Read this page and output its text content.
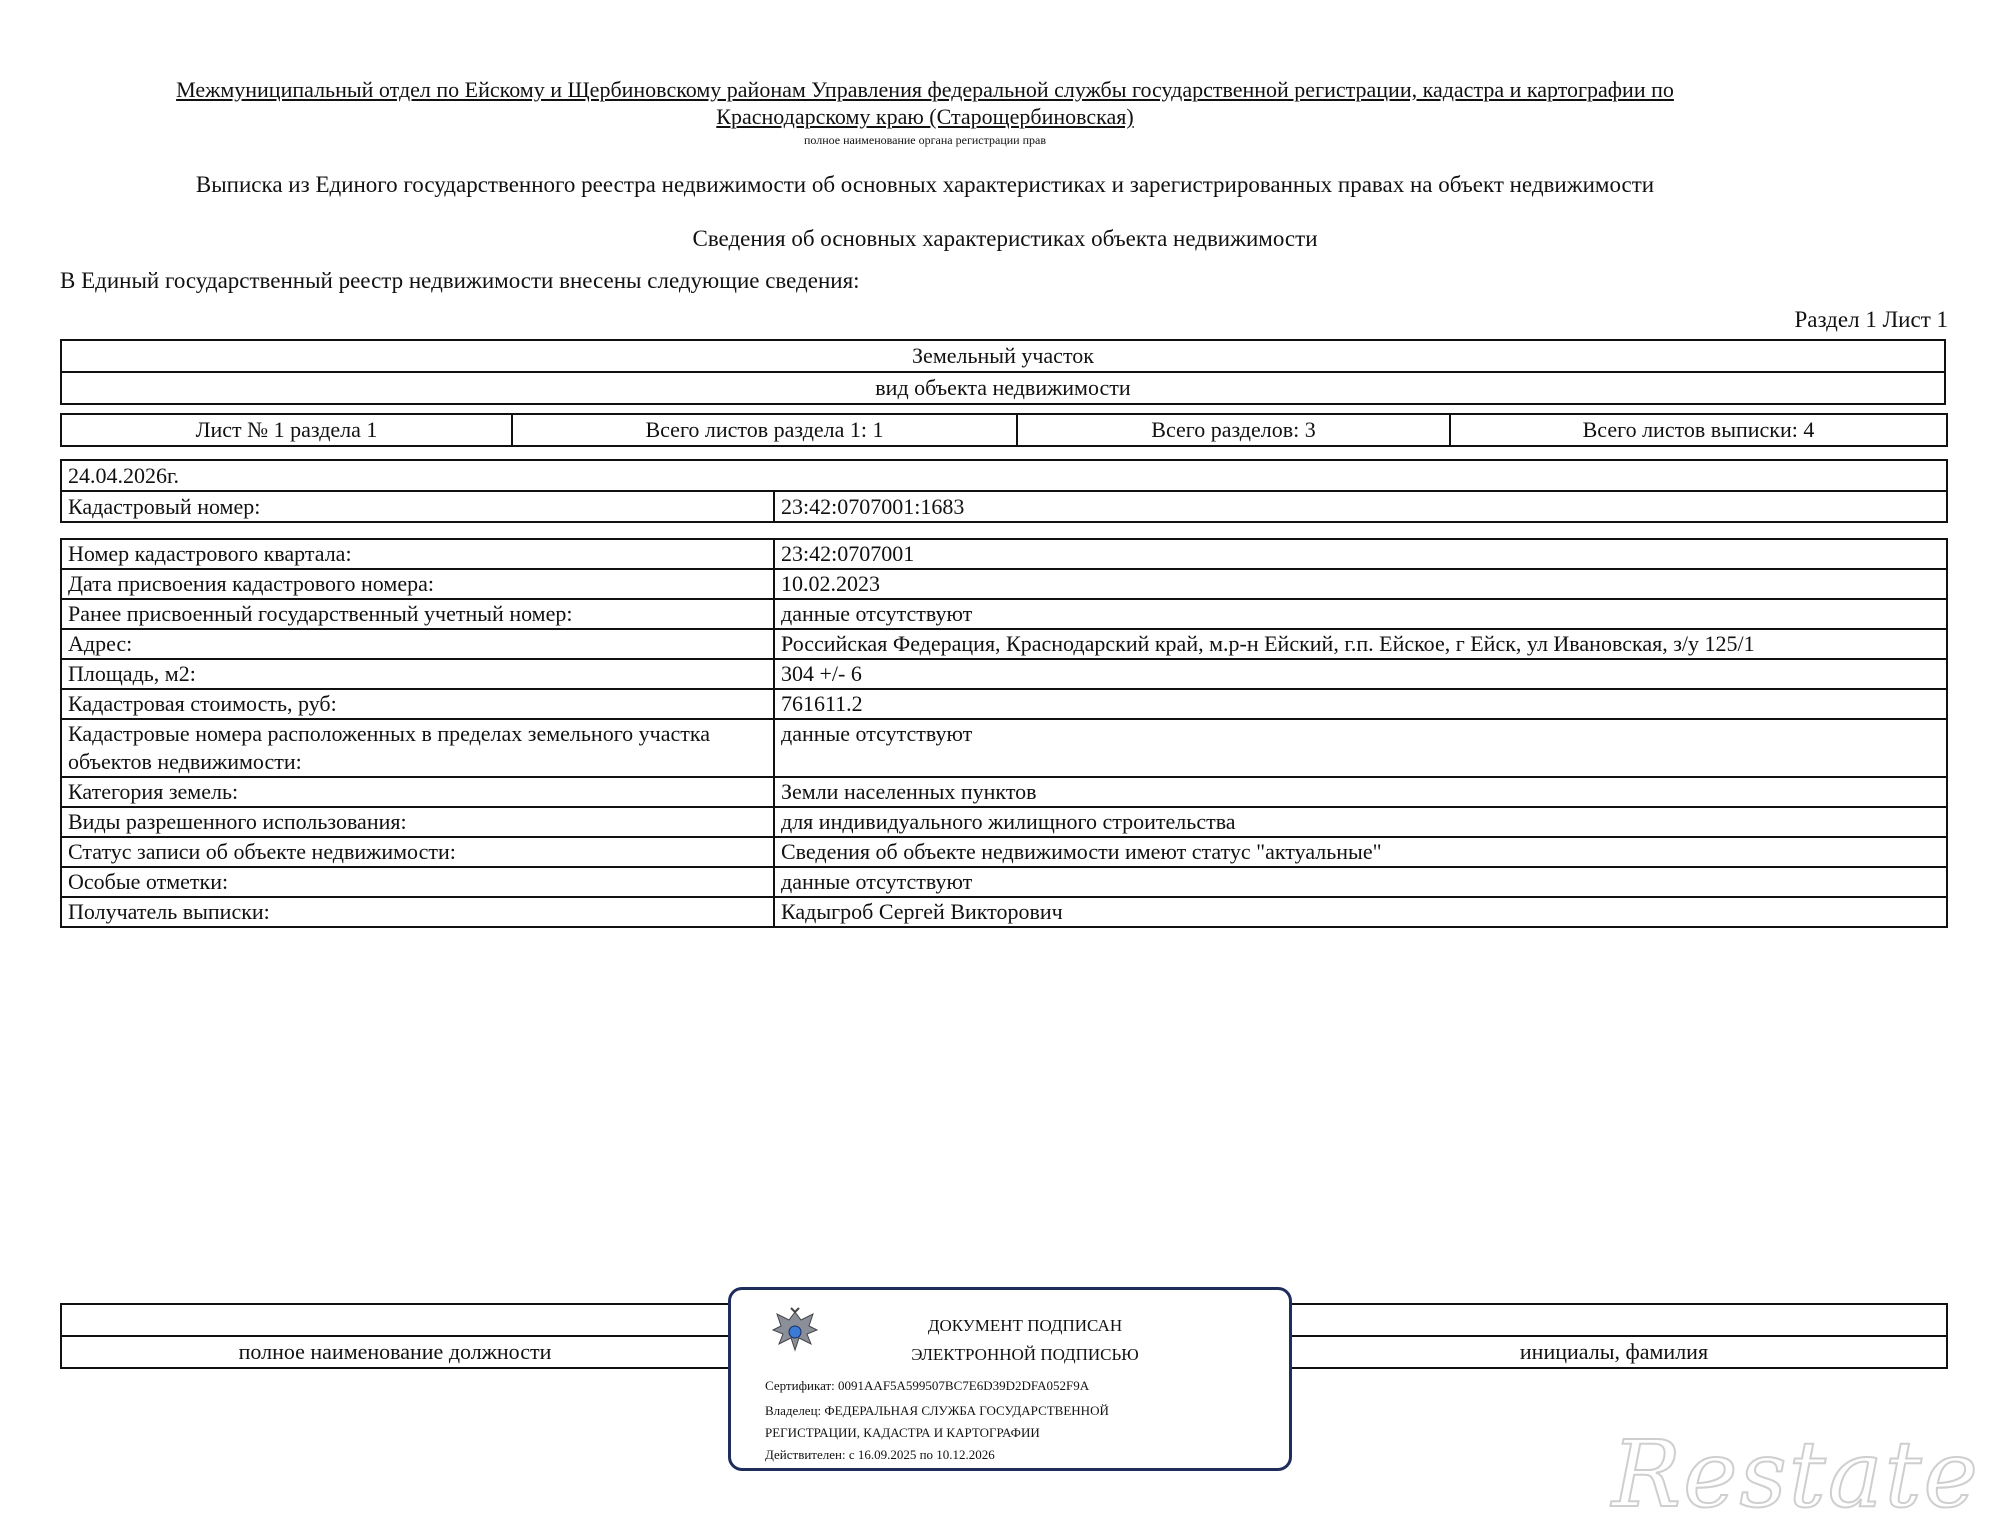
Межмуниципальный отдел по Ейскому и Щербиновскому районам Управления федеральной службы государственной регистрации, кадастра и картографии по
Краснодарскому краю (Старощербиновская)
полное наименование органа регистрации прав
Выписка из Единого государственного реестра недвижимости об основных характеристиках и зарегистрированных правах на объект недвижимости
Сведения об основных характеристиках объекта недвижимости
В Единый государственный реестр недвижимости внесены следующие сведения:
Раздел 1 Лист 1
Земельный участок
вид объекта недвижимости
Лист № 1 раздела 1	Всего листов раздела 1: 1	Всего разделов: 3	Всего листов выписки: 4
24.04.2026г.
Кадастровый номер:	23:42:0707001:1683
Номер кадастрового квартала:	23:42:0707001
Дата присвоения кадастрового номера:	10.02.2023
Ранее присвоенный государственный учетный номер:	данные отсутствуют
Адрес:	Российская Федерация, Краснодарский край, м.р-н Ейский, г.п. Ейское, г Ейск, ул Ивановская, з/у 125/1
Площадь, м2:	304 +/- 6
Кадастровая стоимость, руб:	761611.2
Кадастровые номера расположенных в пределах земельного участка объектов недвижимости:	данные отсутствуют
Категория земель:	Земли населенных пунктов
Виды разрешенного использования:	для индивидуального жилищного строительства
Статус записи об объекте недвижимости:	Сведения об объекте недвижимости имеют статус "актуальные"
Особые отметки:	данные отсутствуют
Получатель выписки:	Кадыгроб Сергей Викторович

полное наименование должности		инициалы, фамилия
ДОКУМЕНТ ПОДПИСАН
ЭЛЕКТРОННОЙ ПОДПИСЬЮ
Сертификат: 0091AAF5A599507BC7E6D39D2DFA052F9A
Владелец: ФЕДЕРАЛЬНАЯ СЛУЖБА ГОСУДАРСТВЕННОЙ
РЕГИСТРАЦИИ, КАДАСТРА И КАРТОГРАФИИ
Действителен: с 16.09.2025 по 10.12.2026	Restate
